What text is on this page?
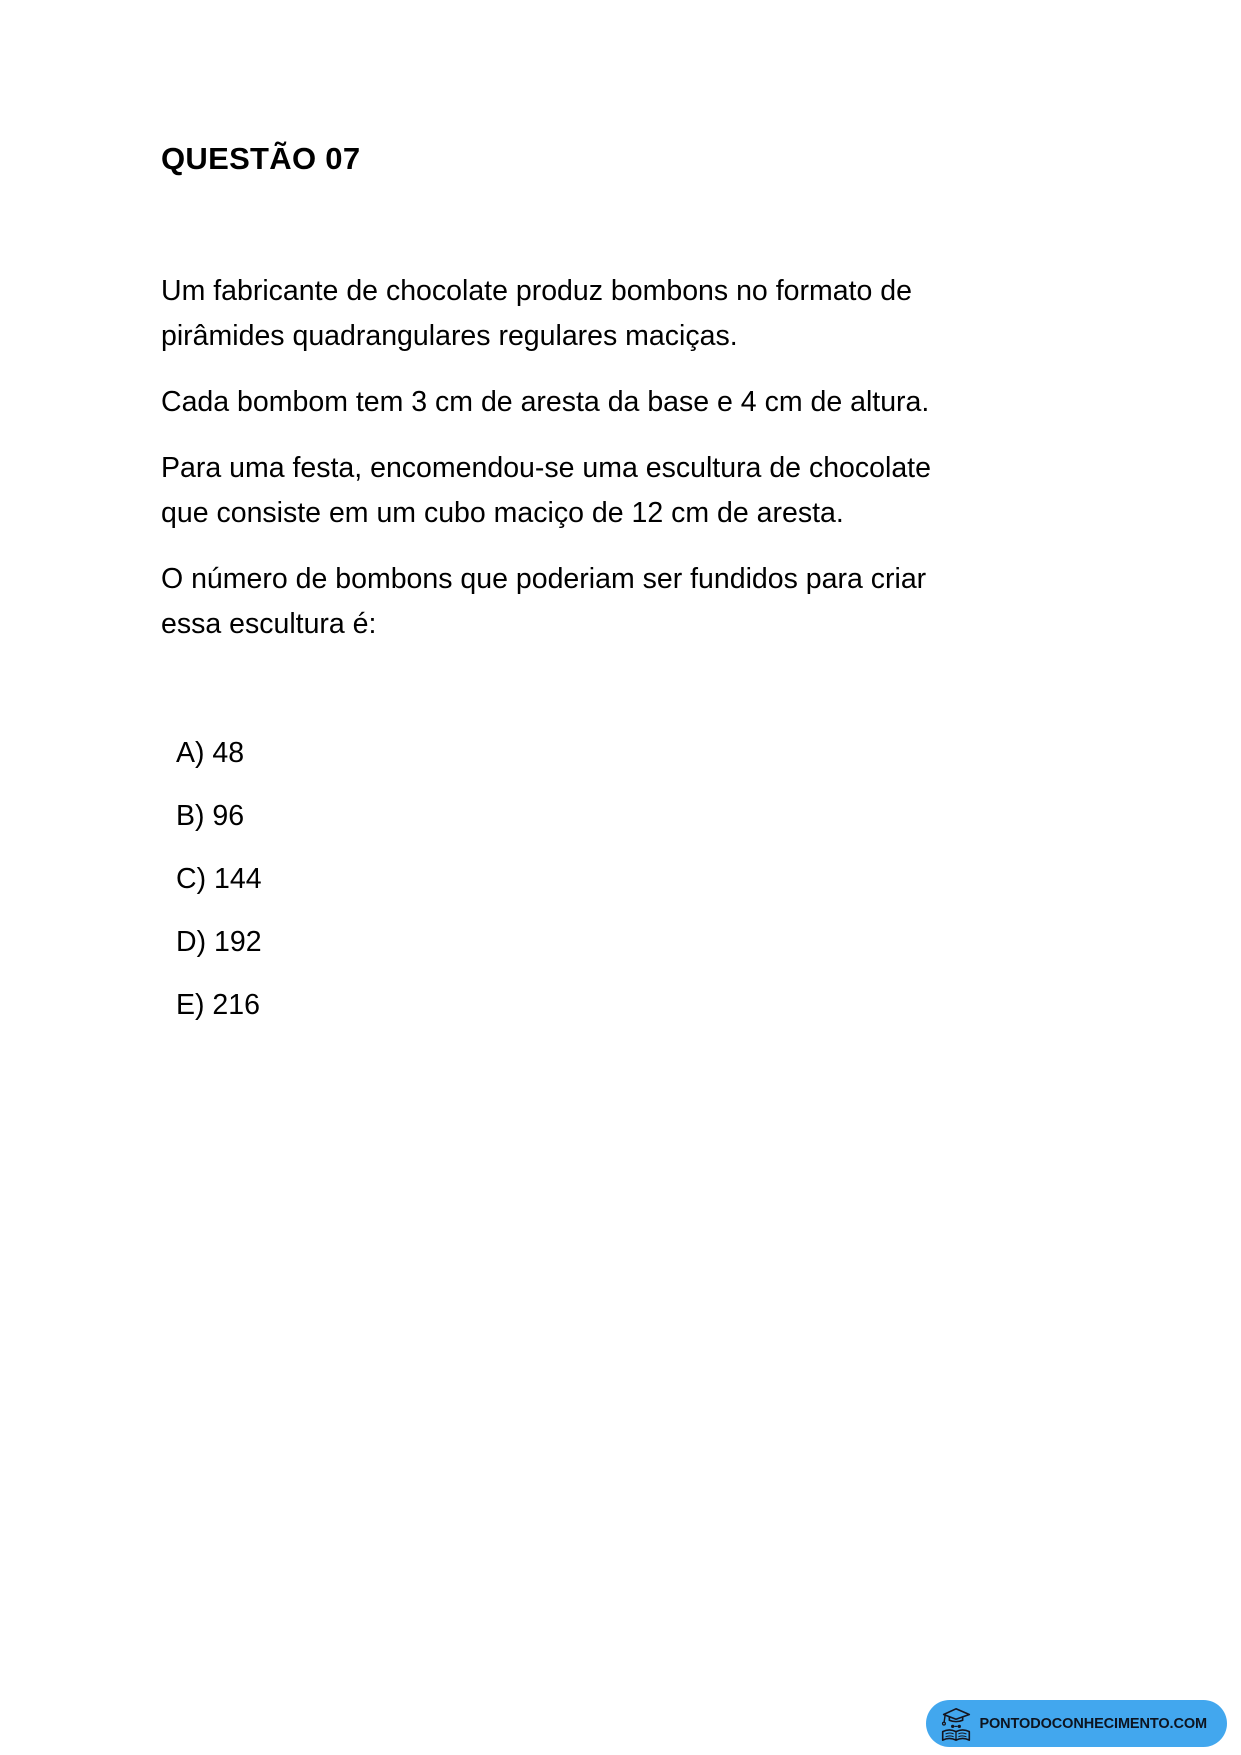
QUESTÃO 07

Um fabricante de chocolate produz bombons no formato de pirâmides quadrangulares regulares maciças.

Cada bombom tem 3 cm de aresta da base e 4 cm de altura.

Para uma festa, encomendou-se uma escultura de chocolate que consiste em um cubo maciço de 12 cm de aresta.

O número de bombons que poderiam ser fundidos para criar essa escultura é:

A) 48
B) 96
C) 144
D) 192
E) 216
PONTODOCONHECIMENTO.COM
